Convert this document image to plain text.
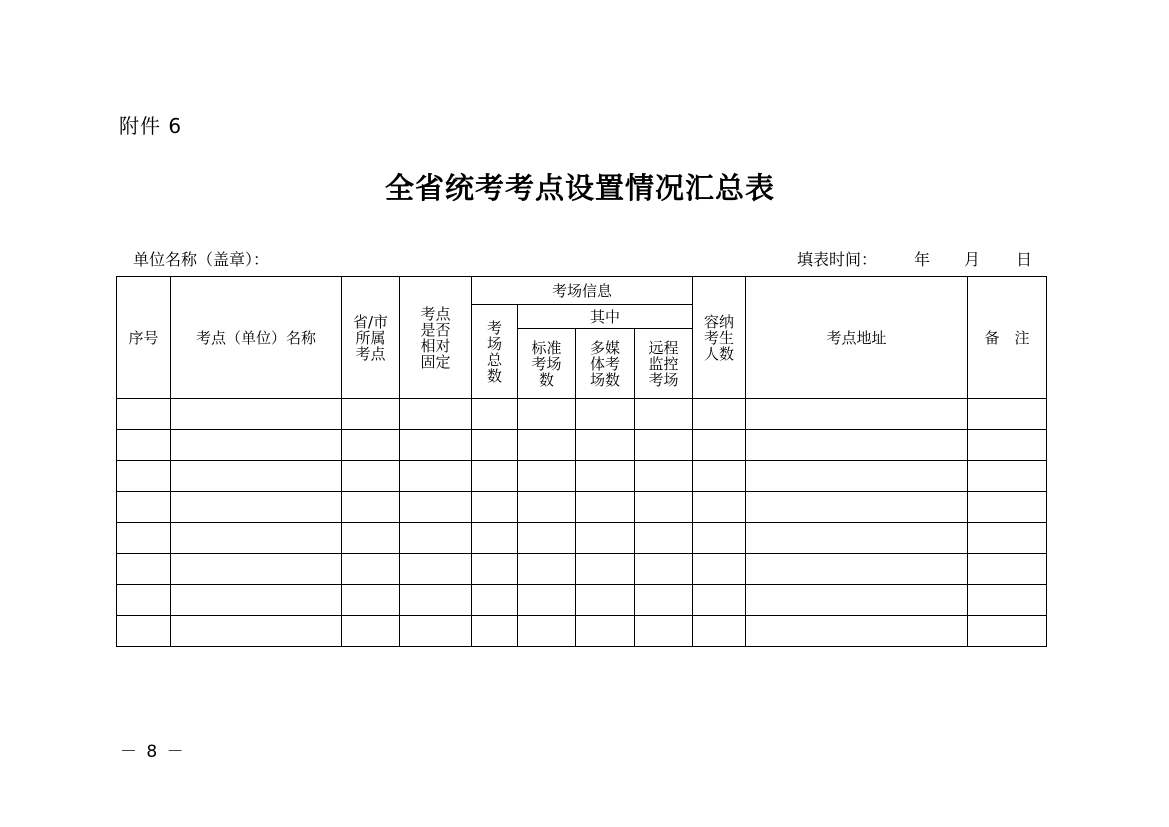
附件 6
全省统考考点设置情况汇总表
单位名称（盖章）：	填表时间： 年 月 日
序号	考点（单位）名称	省/市所属考点	考点是否相对固定	考场信息				容纳考生人数	考点地址	备　注
				考场总数	其中					
					标准考场数	多媒体考场数	远程监控考场			

－ 8 －
